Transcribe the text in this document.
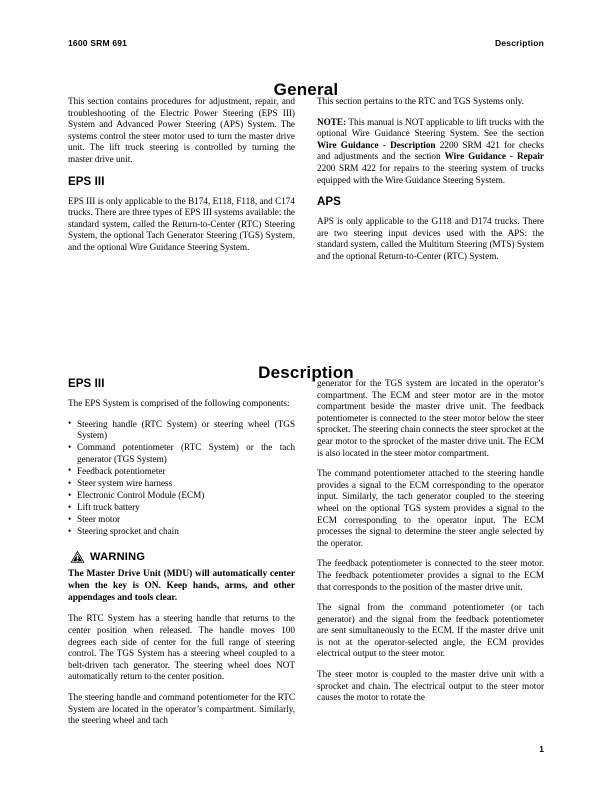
1600 SRM 691	Description
General

This section contains procedures for adjustment, repair, and troubleshooting of the Electric Power Steering (EPS III) System and Advanced Power Steering (APS) System. The systems control the steer motor used to turn the master drive unit. The lift truck steering is controlled by turning the master drive unit.

EPS III

EPS III is only applicable to the B174, E118, F118, and C174 trucks. There are three types of EPS III systems available: the standard system, called the Return-to-Center (RTC) Steering System, the optional Tach Generator Steering (TGS) System, and the optional Wire Guidance Steering System.

This section pertains to the RTC and TGS Systems only.

NOTE: This manual is NOT applicable to lift trucks with the optional Wire Guidance Steering System. See the section Wire Guidance - Description 2200 SRM 421 for checks and adjustments and the section Wire Guidance - Repair 2200 SRM 422 for repairs to the steering system of trucks equipped with the Wire Guidance Steering System.

APS

APS is only applicable to the G118 and D174 trucks. There are two steering input devices used with the APS: the standard system, called the Multiturn Steering (MTS) System and the optional Return-to-Center (RTC) System.

Description
EPS III

The EPS System is comprised of the following components:

• Steering handle (RTC System) or steering wheel (TGS System)
• Command potentiometer (RTC System) or the tach generator (TGS System)
• Feedback potentiometer
• Steer system wire harness
• Electronic Control Module (ECM)
• Lift truck battery
• Steer motor
• Steering sprocket and chain
WARNING

The Master Drive Unit (MDU) will automatically center when the key is ON. Keep hands, arms, and other appendages and tools clear.

The RTC System has a steering handle that returns to the center position when released. The handle moves 100 degrees each side of center for the full range of steering control. The TGS System has a steering wheel coupled to a belt-driven tach generator. The steering wheel does NOT automatically return to the center position.

The steering handle and command potentiometer for the RTC System are located in the operator’s compartment. Similarly, the steering wheel and tach

generator for the TGS system are located in the operator’s compartment. The ECM and steer motor are in the motor compartment beside the master drive unit. The feedback potentiometer is connected to the steer motor below the steer sprocket. The steering chain connects the steer sprocket at the gear motor to the sprocket of the master drive unit. The ECM is also located in the steer motor compartment.

The command potentiometer attached to the steering handle provides a signal to the ECM corresponding to the operator input. Similarly, the tach generator coupled to the steering wheel on the optional TGS system provides a signal to the ECM corresponding to the operator input. The ECM processes the signal to determine the steer angle selected by the operator.

The feedback potentiometer is connected to the steer motor. The feedback potentiometer provides a signal to the ECM that corresponds to the position of the master drive unit.

The signal from the command potentiometer (or tach generator) and the signal from the feedback potentiometer are sent simultaneously to the ECM. If the master drive unit is not at the operator-selected angle, the ECM provides electrical output to the steer motor.

The steer motor is coupled to the master drive unit with a sprocket and chain. The electrical output to the steer motor causes the motor to rotate the

1
